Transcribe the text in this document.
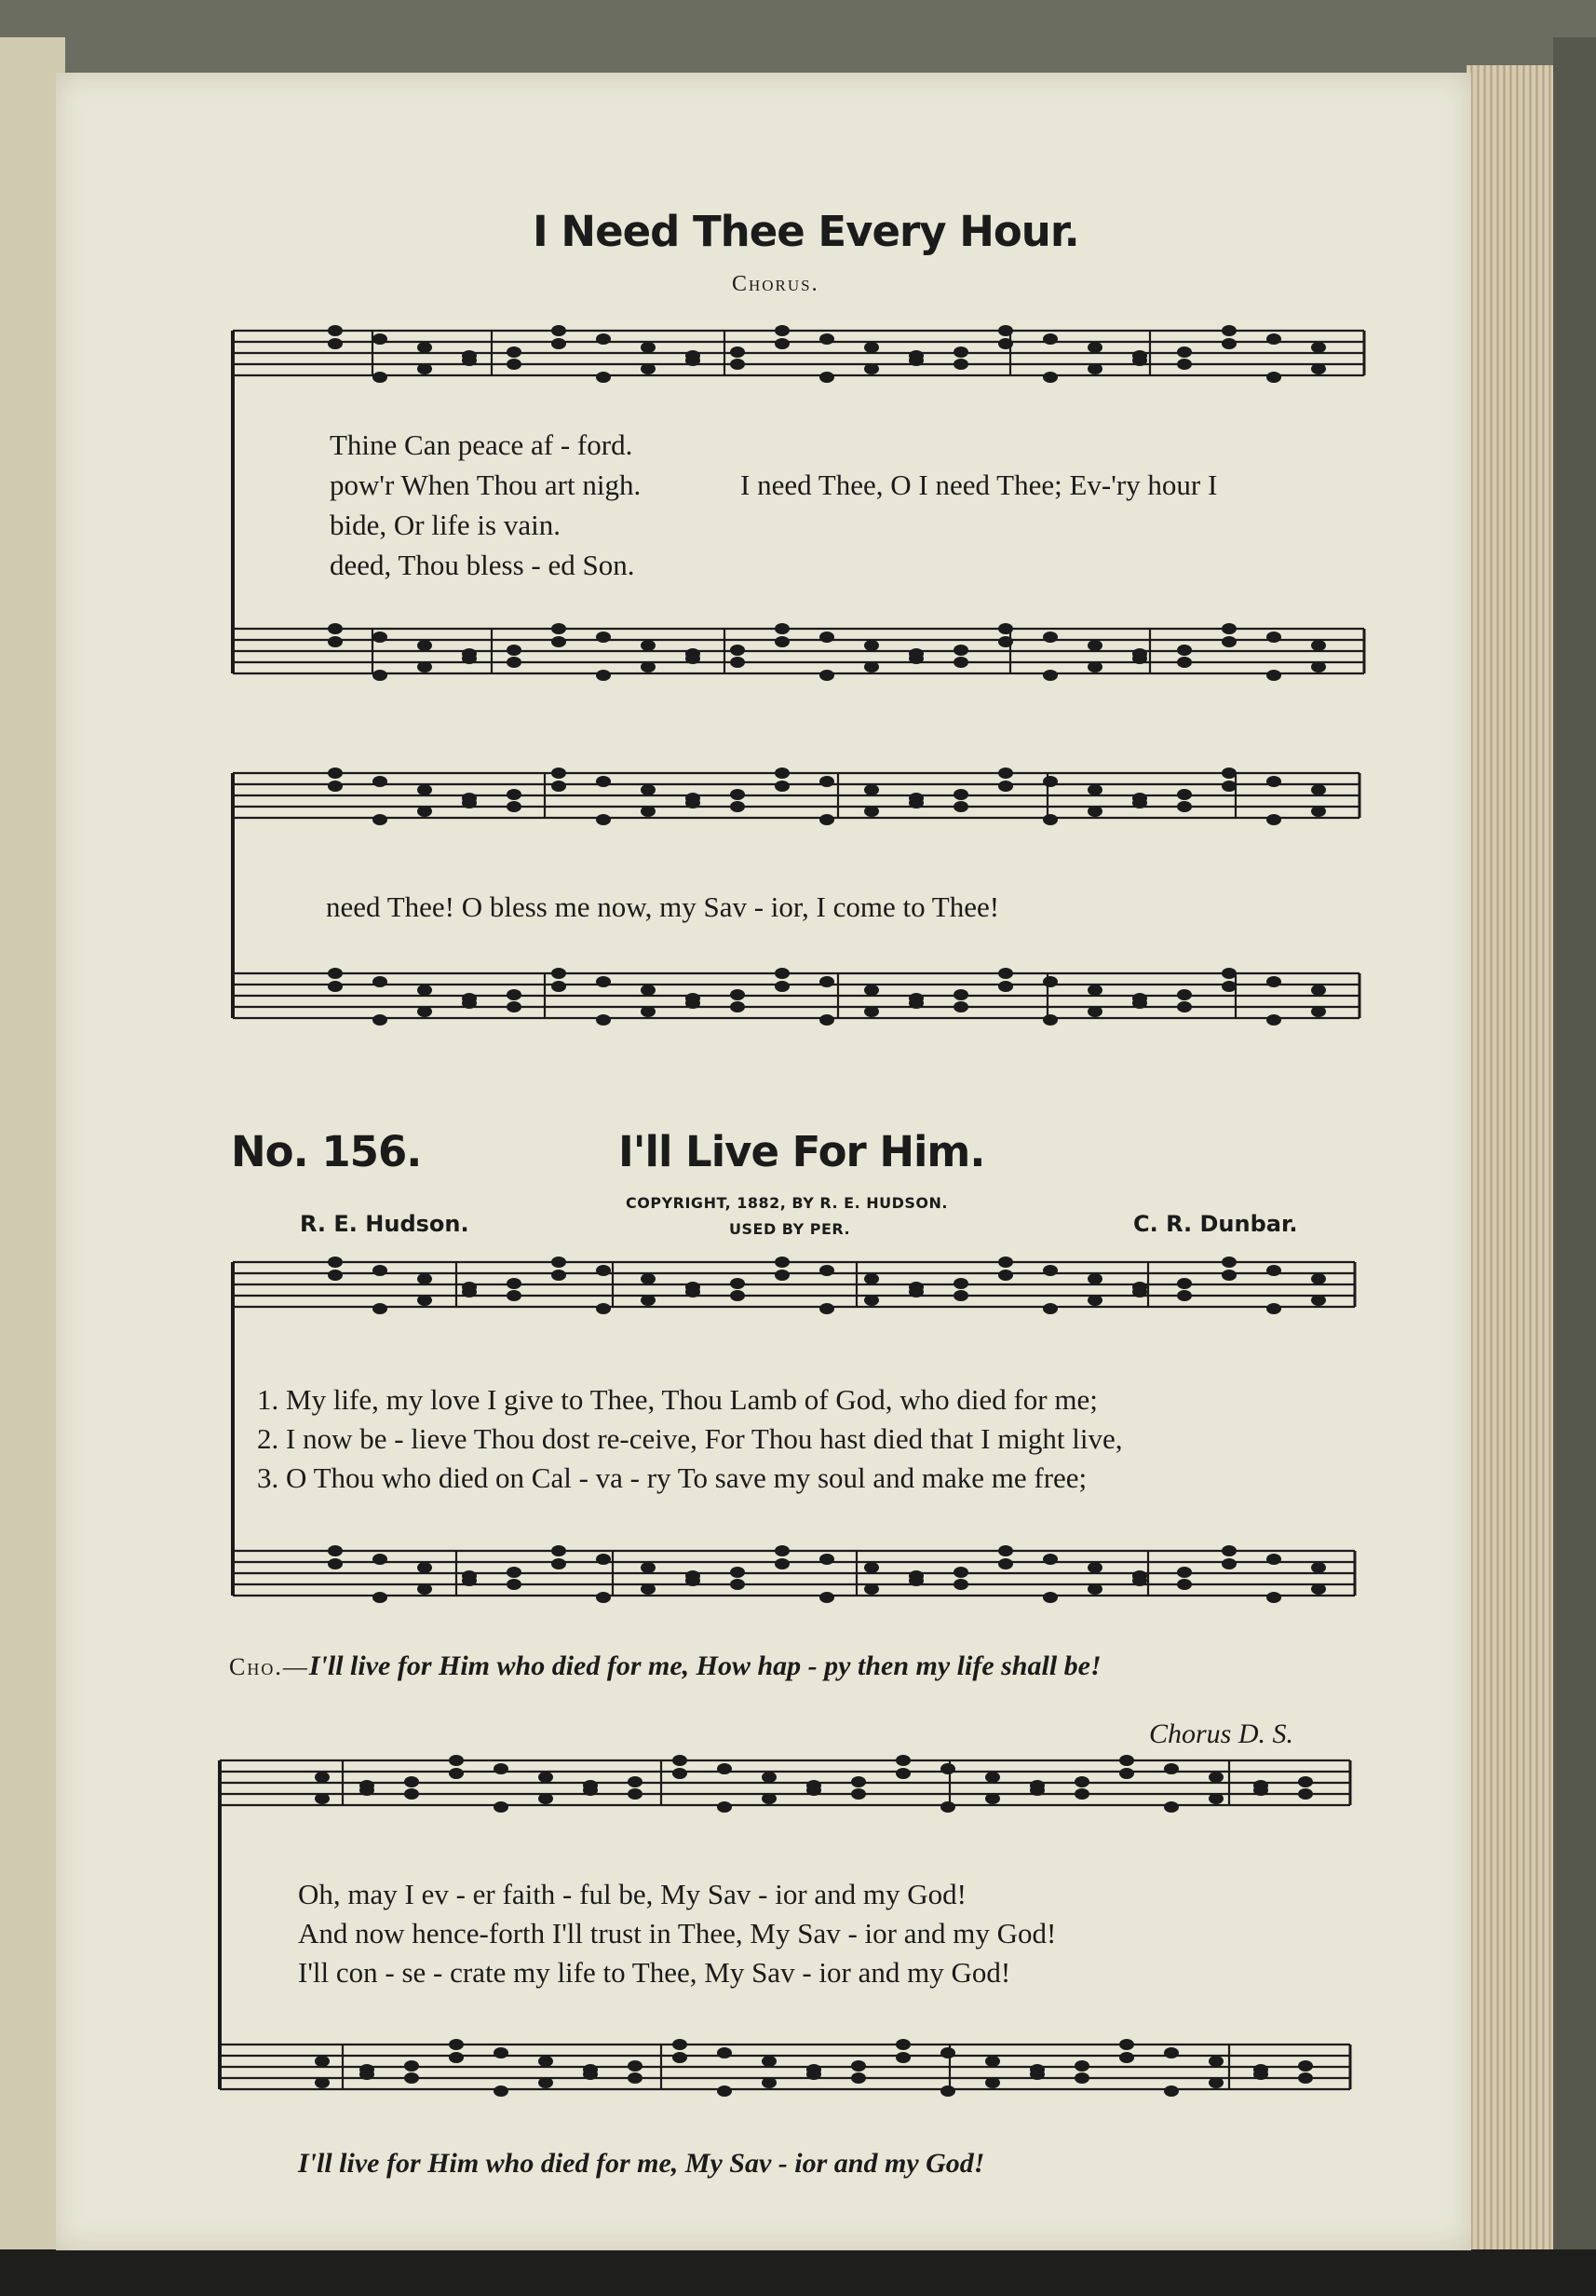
I Need Thee Every Hour.
Chorus.
Thine Can peace af - ford.
pow'r When Thou art nigh.
bide, Or life is vain.
deed, Thou bless - ed Son.
I need Thee, O I need Thee; Ev-'ry hour I
need Thee! O bless me now, my Sav - ior, I come to Thee!
No. 156.	I'll Live For Him.
COPYRIGHT, 1882, BY R. E. HUDSON.
USED BY PER.
R. E. Hudson.	C. R. Dunbar.
1. My life, my love I give to Thee, Thou Lamb of God, who died for me;
2. I now be - lieve Thou dost re-ceive, For Thou hast died that I might live,
3. O Thou who died on Cal - va - ry To save my soul and make me free;
Cho.—I'll live for Him who died for me, How hap - py then my life shall be!
Chorus D. S.
Oh, may I ev - er faith - ful be, My Sav - ior and my God!
And now hence-forth I'll trust in Thee, My Sav - ior and my God!
I'll con - se - crate my life to Thee, My Sav - ior and my God!
I'll live for Him who died for me, My Sav - ior and my God!
